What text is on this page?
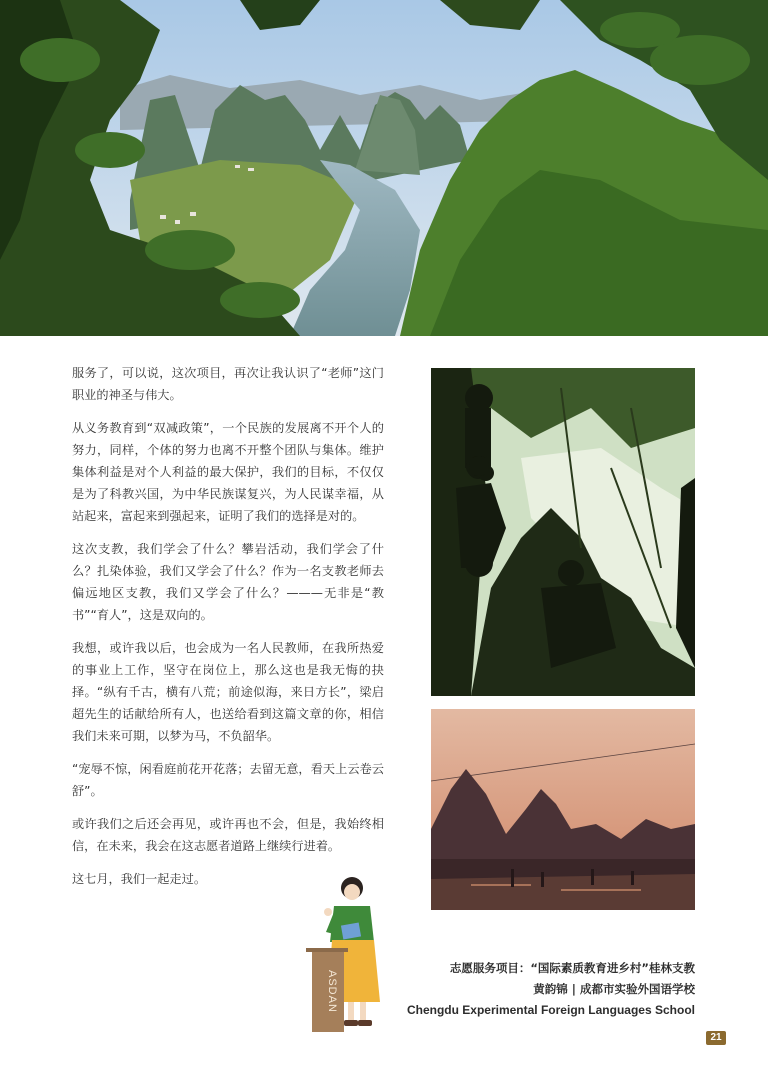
服务了，可以说，这次项目，再次让我认识了“老师”这门职业的神圣与伟大。

从义务教育到“双减政策”，一个民族的发展离不开个人的努力，同样，个体的努力也离不开整个团队与集体。维护集体利益是对个人利益的最大保护，我们的目标，不仅仅是为了科教兴国，为中华民族谋复兴，为人民谋幸福，从站起来，富起来到强起来，证明了我们的选择是对的。

这次支教，我们学会了什么？攀岩活动，我们学会了什么？扎染体验，我们又学会了什么？作为一名支教老师去偏远地区支教，我们又学会了什么？———无非是“教书”“育人”，这是双向的。

我想，或许我以后，也会成为一名人民教师，在我所热爱的事业上工作，坚守在岗位上，那么这也是我无悔的抉择。“纵有千古，横有八荒；前途似海，来日方长”，梁启超先生的话献给所有人，也送给看到这篇文章的你，相信我们未来可期，以梦为马，不负韶华。

“宠辱不惊，闲看庭前花开花落；去留无意，看天上云卷云舒”。

或许我们之后还会再见，或许再也不会，但是，我始终相信，在未来，我会在这志愿者道路上继续行进着。

这七月，我们一起走过。

ASDAN
志愿服务项目：“国际素质教育进乡村”桂林支教
黄韵锦 | 成都市实验外国语学校
Chengdu Experimental Foreign Languages School
21
